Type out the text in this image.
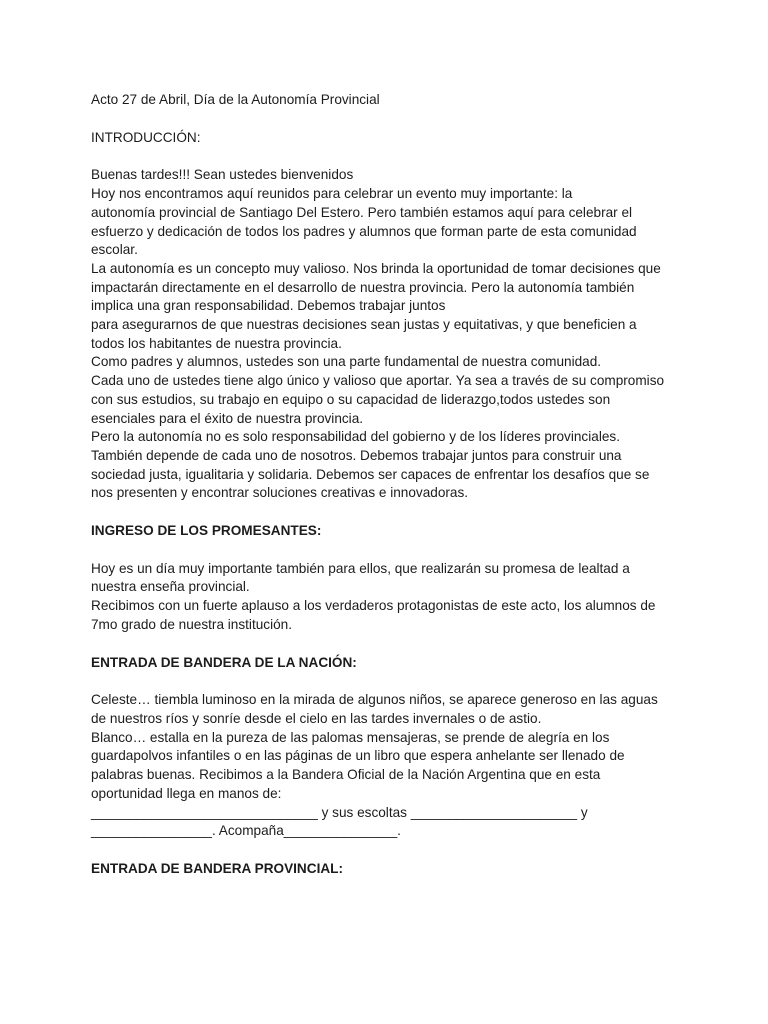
Acto 27 de Abril, Día de la Autonomía Provincial
INTRODUCCIÓN:
Buenas tardes!!! Sean ustedes bienvenidos
Hoy nos encontramos aquí reunidos para celebrar un evento muy importante: la
autonomía provincial de Santiago Del Estero. Pero también estamos aquí para celebrar el
esfuerzo y dedicación de todos los padres y alumnos que forman parte de esta comunidad
escolar.
La autonomía es un concepto muy valioso. Nos brinda la oportunidad de tomar decisiones que
impactarán directamente en el desarrollo de nuestra provincia. Pero la autonomía también
implica una gran responsabilidad. Debemos trabajar juntos
para asegurarnos de que nuestras decisiones sean justas y equitativas, y que beneficien a
todos los habitantes de nuestra provincia.
Como padres y alumnos, ustedes son una parte fundamental de nuestra comunidad.
Cada uno de ustedes tiene algo único y valioso que aportar. Ya sea a través de su compromiso
con sus estudios, su trabajo en equipo o su capacidad de liderazgo,todos ustedes son
esenciales para el éxito de nuestra provincia.
Pero la autonomía no es solo responsabilidad del gobierno y de los líderes provinciales.
También depende de cada uno de nosotros. Debemos trabajar juntos para construir una
sociedad justa, igualitaria y solidaria. Debemos ser capaces de enfrentar los desafíos que se
nos presenten y encontrar soluciones creativas e innovadoras.
INGRESO DE LOS PROMESANTES:
Hoy es un día muy importante también para ellos, que realizarán su promesa de lealtad a
nuestra enseña provincial.
Recibimos con un fuerte aplauso a los verdaderos protagonistas de este acto, los alumnos de
7mo grado de nuestra institución.
ENTRADA DE BANDERA DE LA NACIÓN:
Celeste… tiembla luminoso en la mirada de algunos niños, se aparece generoso en las aguas
de nuestros ríos y sonríe desde el cielo en las tardes invernales o de astio.
Blanco… estalla en la pureza de las palomas mensajeras, se prende de alegría en los
guardapolvos infantiles o en las páginas de un libro que espera anhelante ser llenado de
palabras buenas. Recibimos a la Bandera Oficial de la Nación Argentina que en esta
oportunidad llega en manos de:
______________________________ y sus escoltas ______________________ y
________________. Acompaña_______________.
ENTRADA DE BANDERA PROVINCIAL:
